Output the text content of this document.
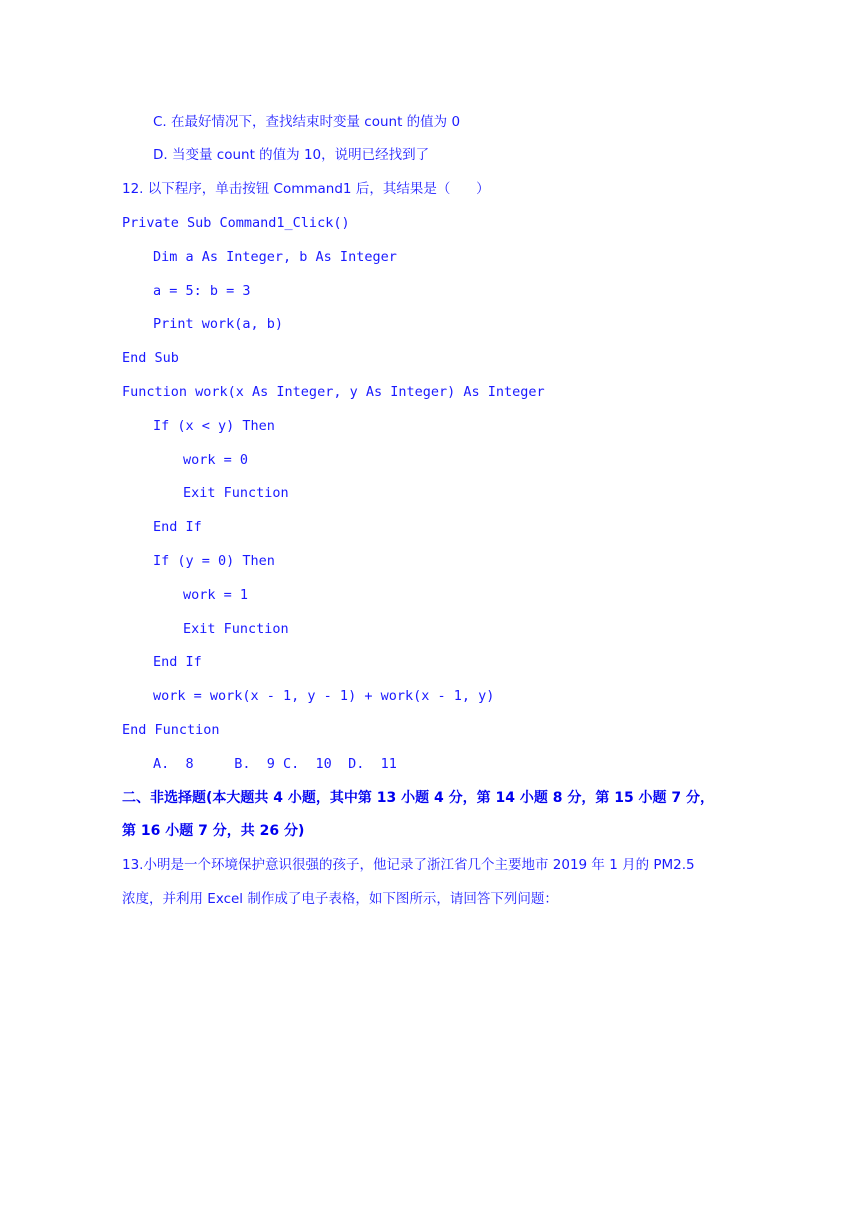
C. 在最好情况下，查找结束时变量 count 的值为 0
D. 当变量 count 的值为 10，说明已经找到了
12. 以下程序，单击按钮 Command1 后，其结果是（      ）
Private Sub Command1_Click()
Dim a As Integer, b As Integer
a = 5: b = 3
Print work(a, b)
End Sub
Function work(x As Integer, y As Integer) As Integer
If (x < y) Then
work = 0
Exit Function
End If
If (y = 0) Then
work = 1
Exit Function
End If
work = work(x - 1, y - 1) + work(x - 1, y)
End Function
A.  8     B.  9 C.  10  D.  11
二、非选择题(本大题共 4 小题，其中第 13 小题 4 分，第 14 小题 8 分，第 15 小题 7 分，
第 16 小题 7 分，共 26 分)
13.小明是一个环境保护意识很强的孩子，他记录了浙江省几个主要地市 2019 年 1 月的 PM2.5
浓度，并利用 Excel 制作成了电子表格，如下图所示，请回答下列问题：
